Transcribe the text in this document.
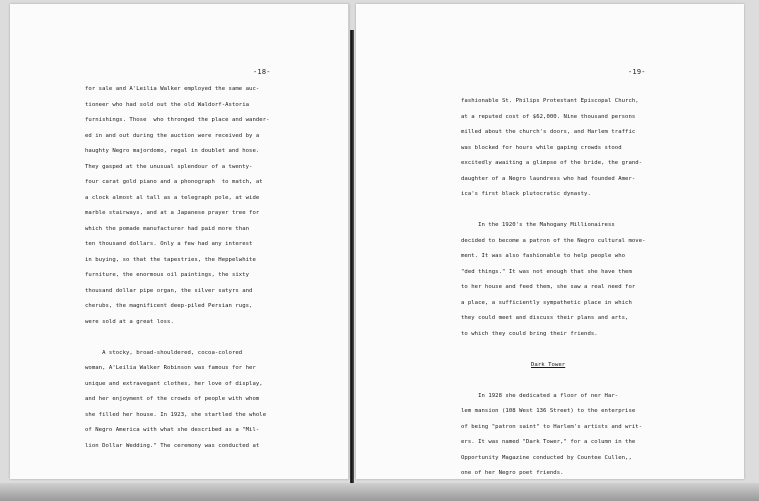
-18-
for sale and A'Leilia Walker employed the same auc-
tioneer who had sold out the old Waldorf-Astoria
furnishings. Those  who thronged the place and wander-
ed in and out during the auction were received by a
haughty Negro majordomo, regal in doublet and hose.
They gasped at the unusual splendour of a twenty-
four carat gold piano and a phonograph  to match, at
a clock almost al tall as a telegraph pole, at wide
marble stairways, and at a Japanese prayer tree for
which the pomade manufacturer had paid more than
ten thousand dollars. Only a few had any interest
in buying, so that the tapestries, the Heppelwhite
furniture, the enormous oil paintings, the sixty
thousand dollar pipe organ, the silver satyrs and
cherubs, the magnificent deep-piled Persian rugs,
were sold at a great loss.

A stocky, broad-shouldered, cocoa-colored
woman, A'Leilia Walker Robinson was famous for her
unique and extravegant clothes, her love of display,
and her enjoyment of the crowds of people with whom
she filled her house. In 1923, she startled the whole
of Negro America with what she described as a "Mil-
lion Dollar Wedding." The ceremony was conducted at
-19-
fashionable St. Philips Protestant Episcopal Church,
at a reputed cost of $62,000. Nine thousand persons
milled about the church's doors, and Harlem traffic
was blocked for hours while gaping crowds stood
excitedly awaiting a glimpse of the bride, the grand-
daughter of a Negro laundress who had founded Amer-
ica's first black plutocratic dynasty.

In the 1920's the Mahogany Millionairess
decided to become a patron of the Negro cultural move-
ment. It was also fashionable to help people who
"ded things." It was not enough that she have them
to her house and feed them, she saw a real need for
a place, a sufficiently sympathetic place in which
they could meet and discuss their plans and arts,
to which they could bring their friends.

Dark Tower

In 1928 she dedicated a floor of ner Har-
lem mansion (108 West 136 Street) to the enterprise
of being "patron saint" to Harlem's artists and writ-
ers. It was named "Dark Tower," for a column in the
Opportunity Magazine conducted by Countee Cullen,,
one of her Negro poet friends.
